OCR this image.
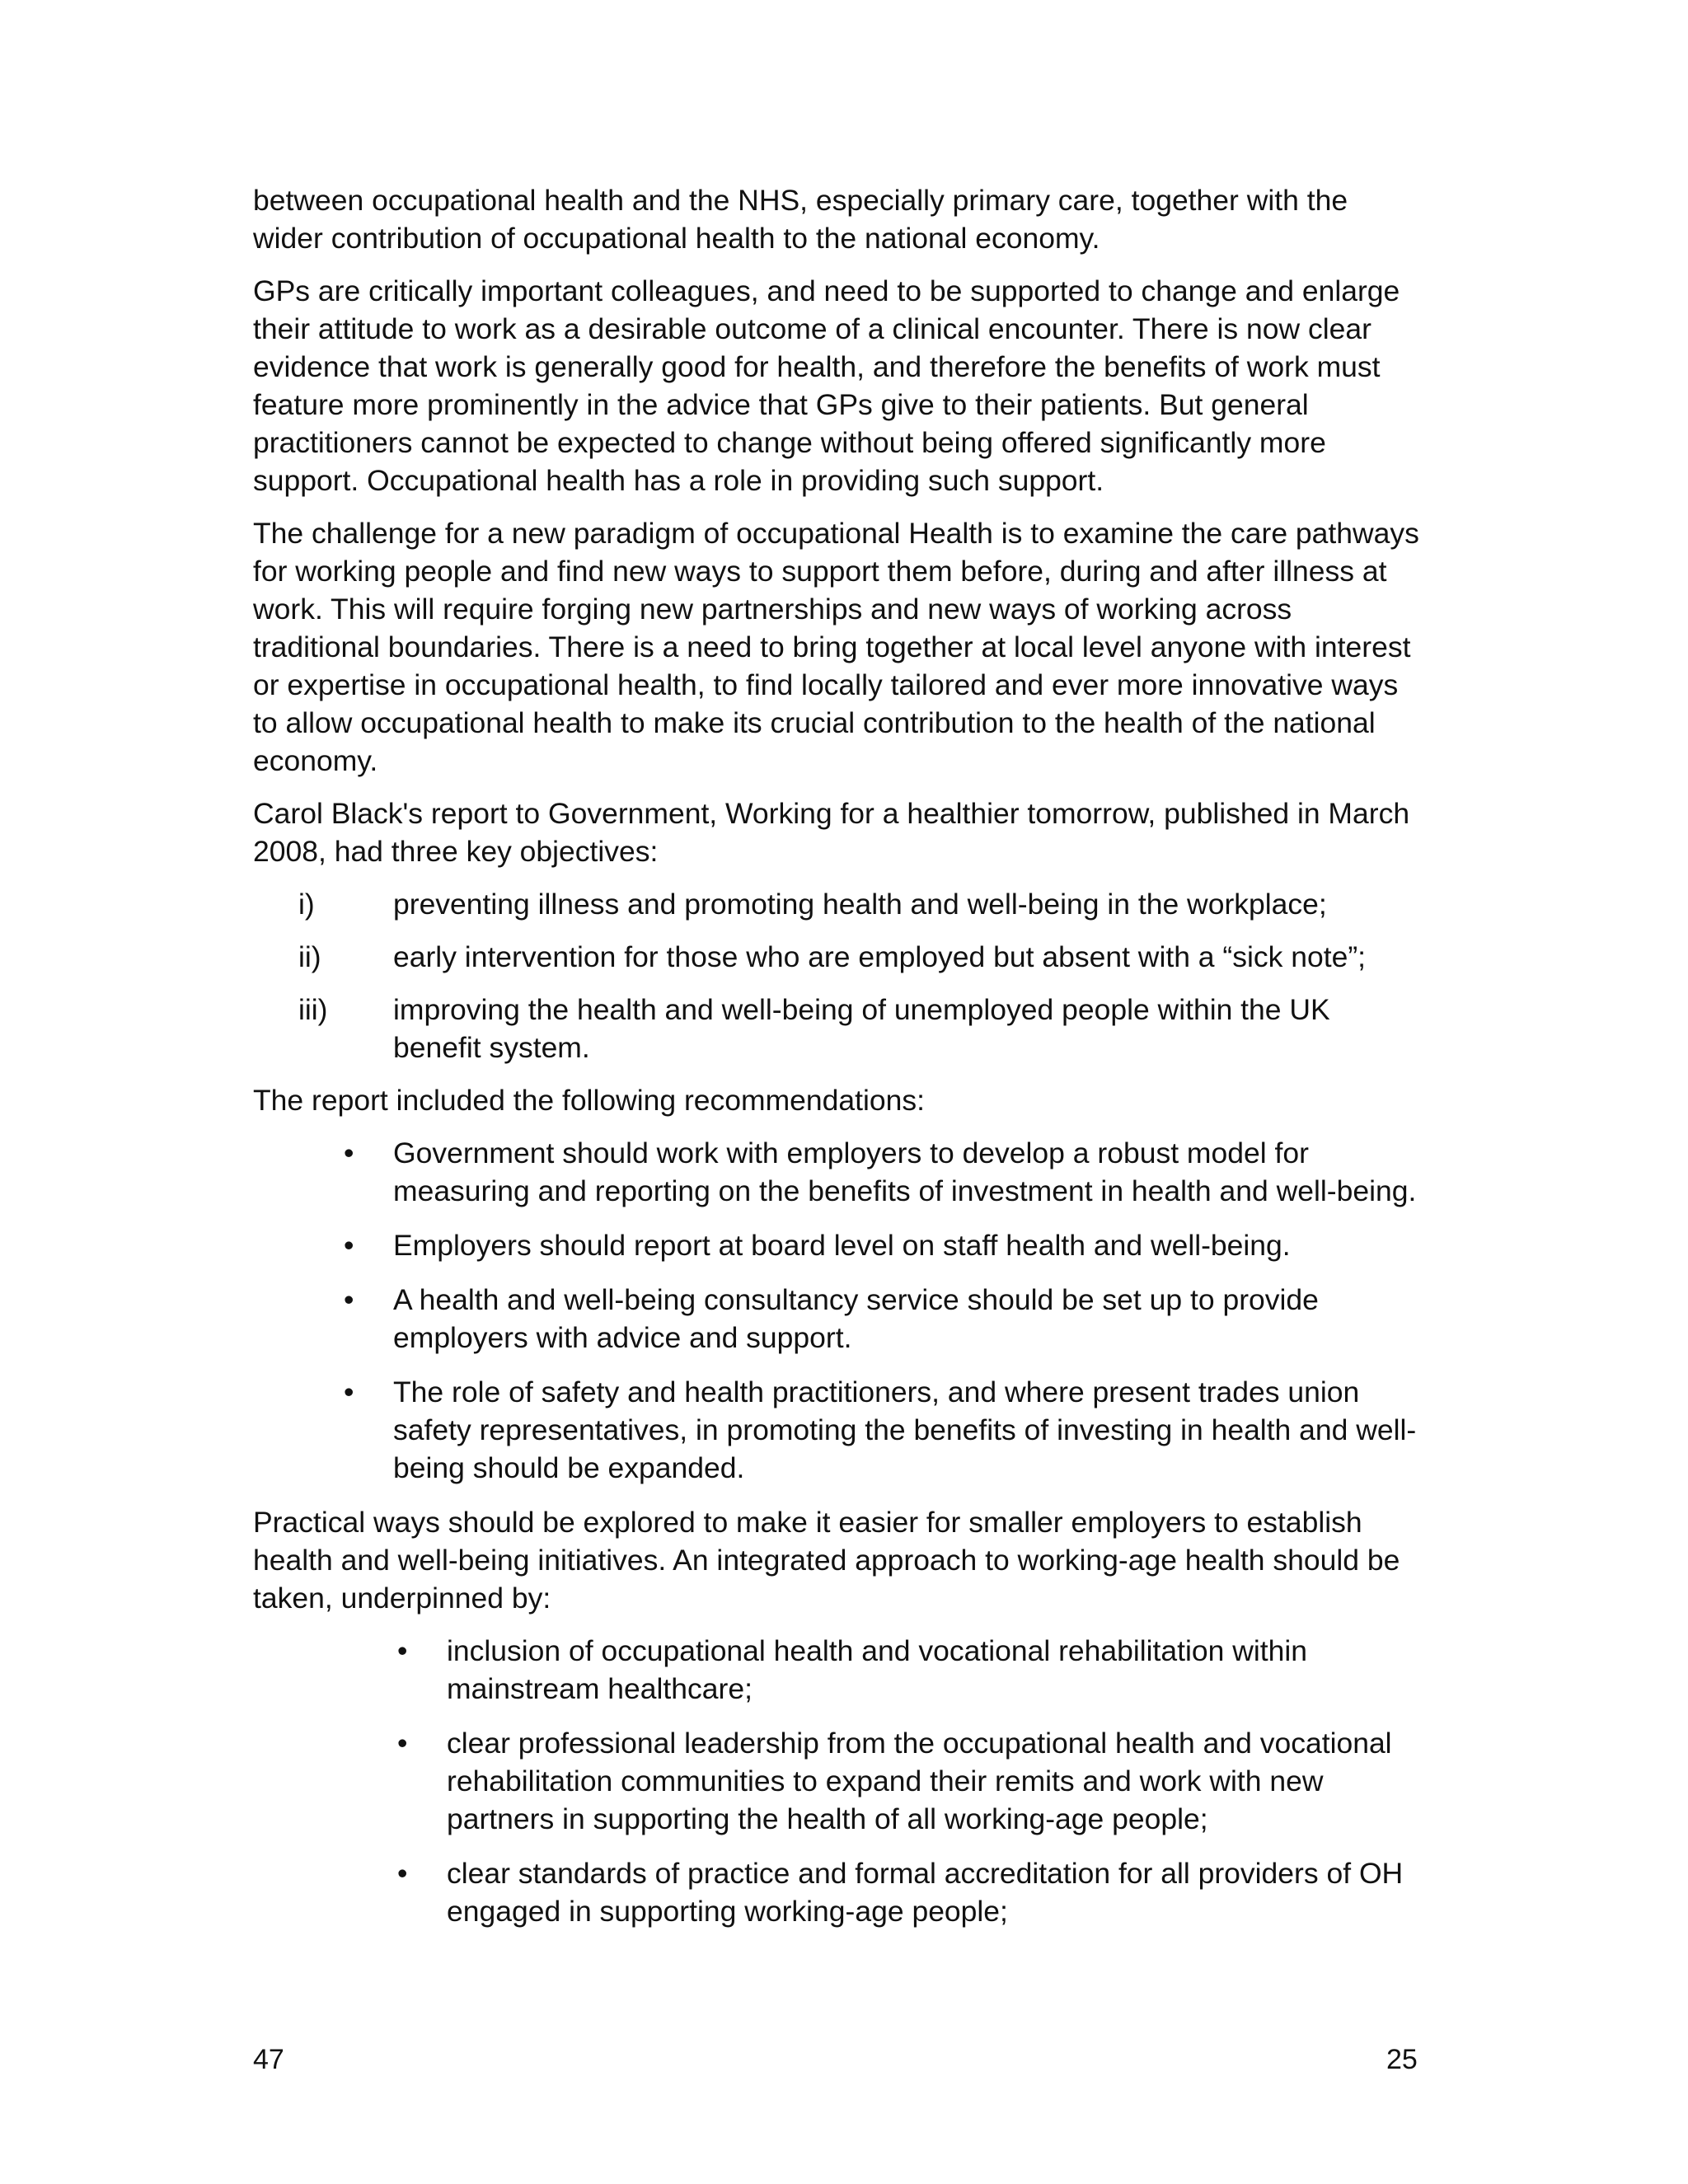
between occupational health and the NHS, especially primary care, together with the wider contribution of occupational health to the national economy.

GPs are critically important colleagues, and need to be supported to change and enlarge their attitude to work as a desirable outcome of a clinical encounter. There is now clear evidence that work is generally good for health, and therefore the benefits of work must feature more prominently in the advice that GPs give to their patients. But general practitioners cannot be expected to change without being offered significantly more support. Occupational health has a role in providing such support.

The challenge for a new paradigm of occupational Health is to examine the care pathways for working people and find new ways to support them before, during and after illness at work. This will require forging new partnerships and new ways of working across traditional boundaries. There is a need to bring together at local level anyone with interest or expertise in occupational health, to find locally tailored and ever more innovative ways to allow occupational health to make its crucial contribution to the health of the national economy.

Carol Black's report to Government, Working for a healthier tomorrow, published in March 2008, had three key objectives:

i)	preventing illness and promoting health and well-being in the workplace;
ii)	early intervention for those who are employed but absent with a “sick note”;
iii)	improving the health and well-being of unemployed people within the UK benefit system.

The report included the following recommendations:

•	Government should work with employers to develop a robust model for measuring and reporting on the benefits of investment in health and well-being.
•	Employers should report at board level on staff health and well-being.
•	A health and well-being consultancy service should be set up to provide employers with advice and support.
•	The role of safety and health practitioners, and where present trades union safety representatives, in promoting the benefits of investing in health and well-being should be expanded.

Practical ways should be explored to make it easier for smaller employers to establish health and well-being initiatives. An integrated approach to working-age health should be taken, underpinned by:

•	inclusion of occupational health and vocational rehabilitation within mainstream healthcare;
•	clear professional leadership from the occupational health and vocational rehabilitation communities to expand their remits and work with new partners in supporting the health of all working-age people;
•	clear standards of practice and formal accreditation for all providers of OH engaged in supporting working-age people;
47	25
